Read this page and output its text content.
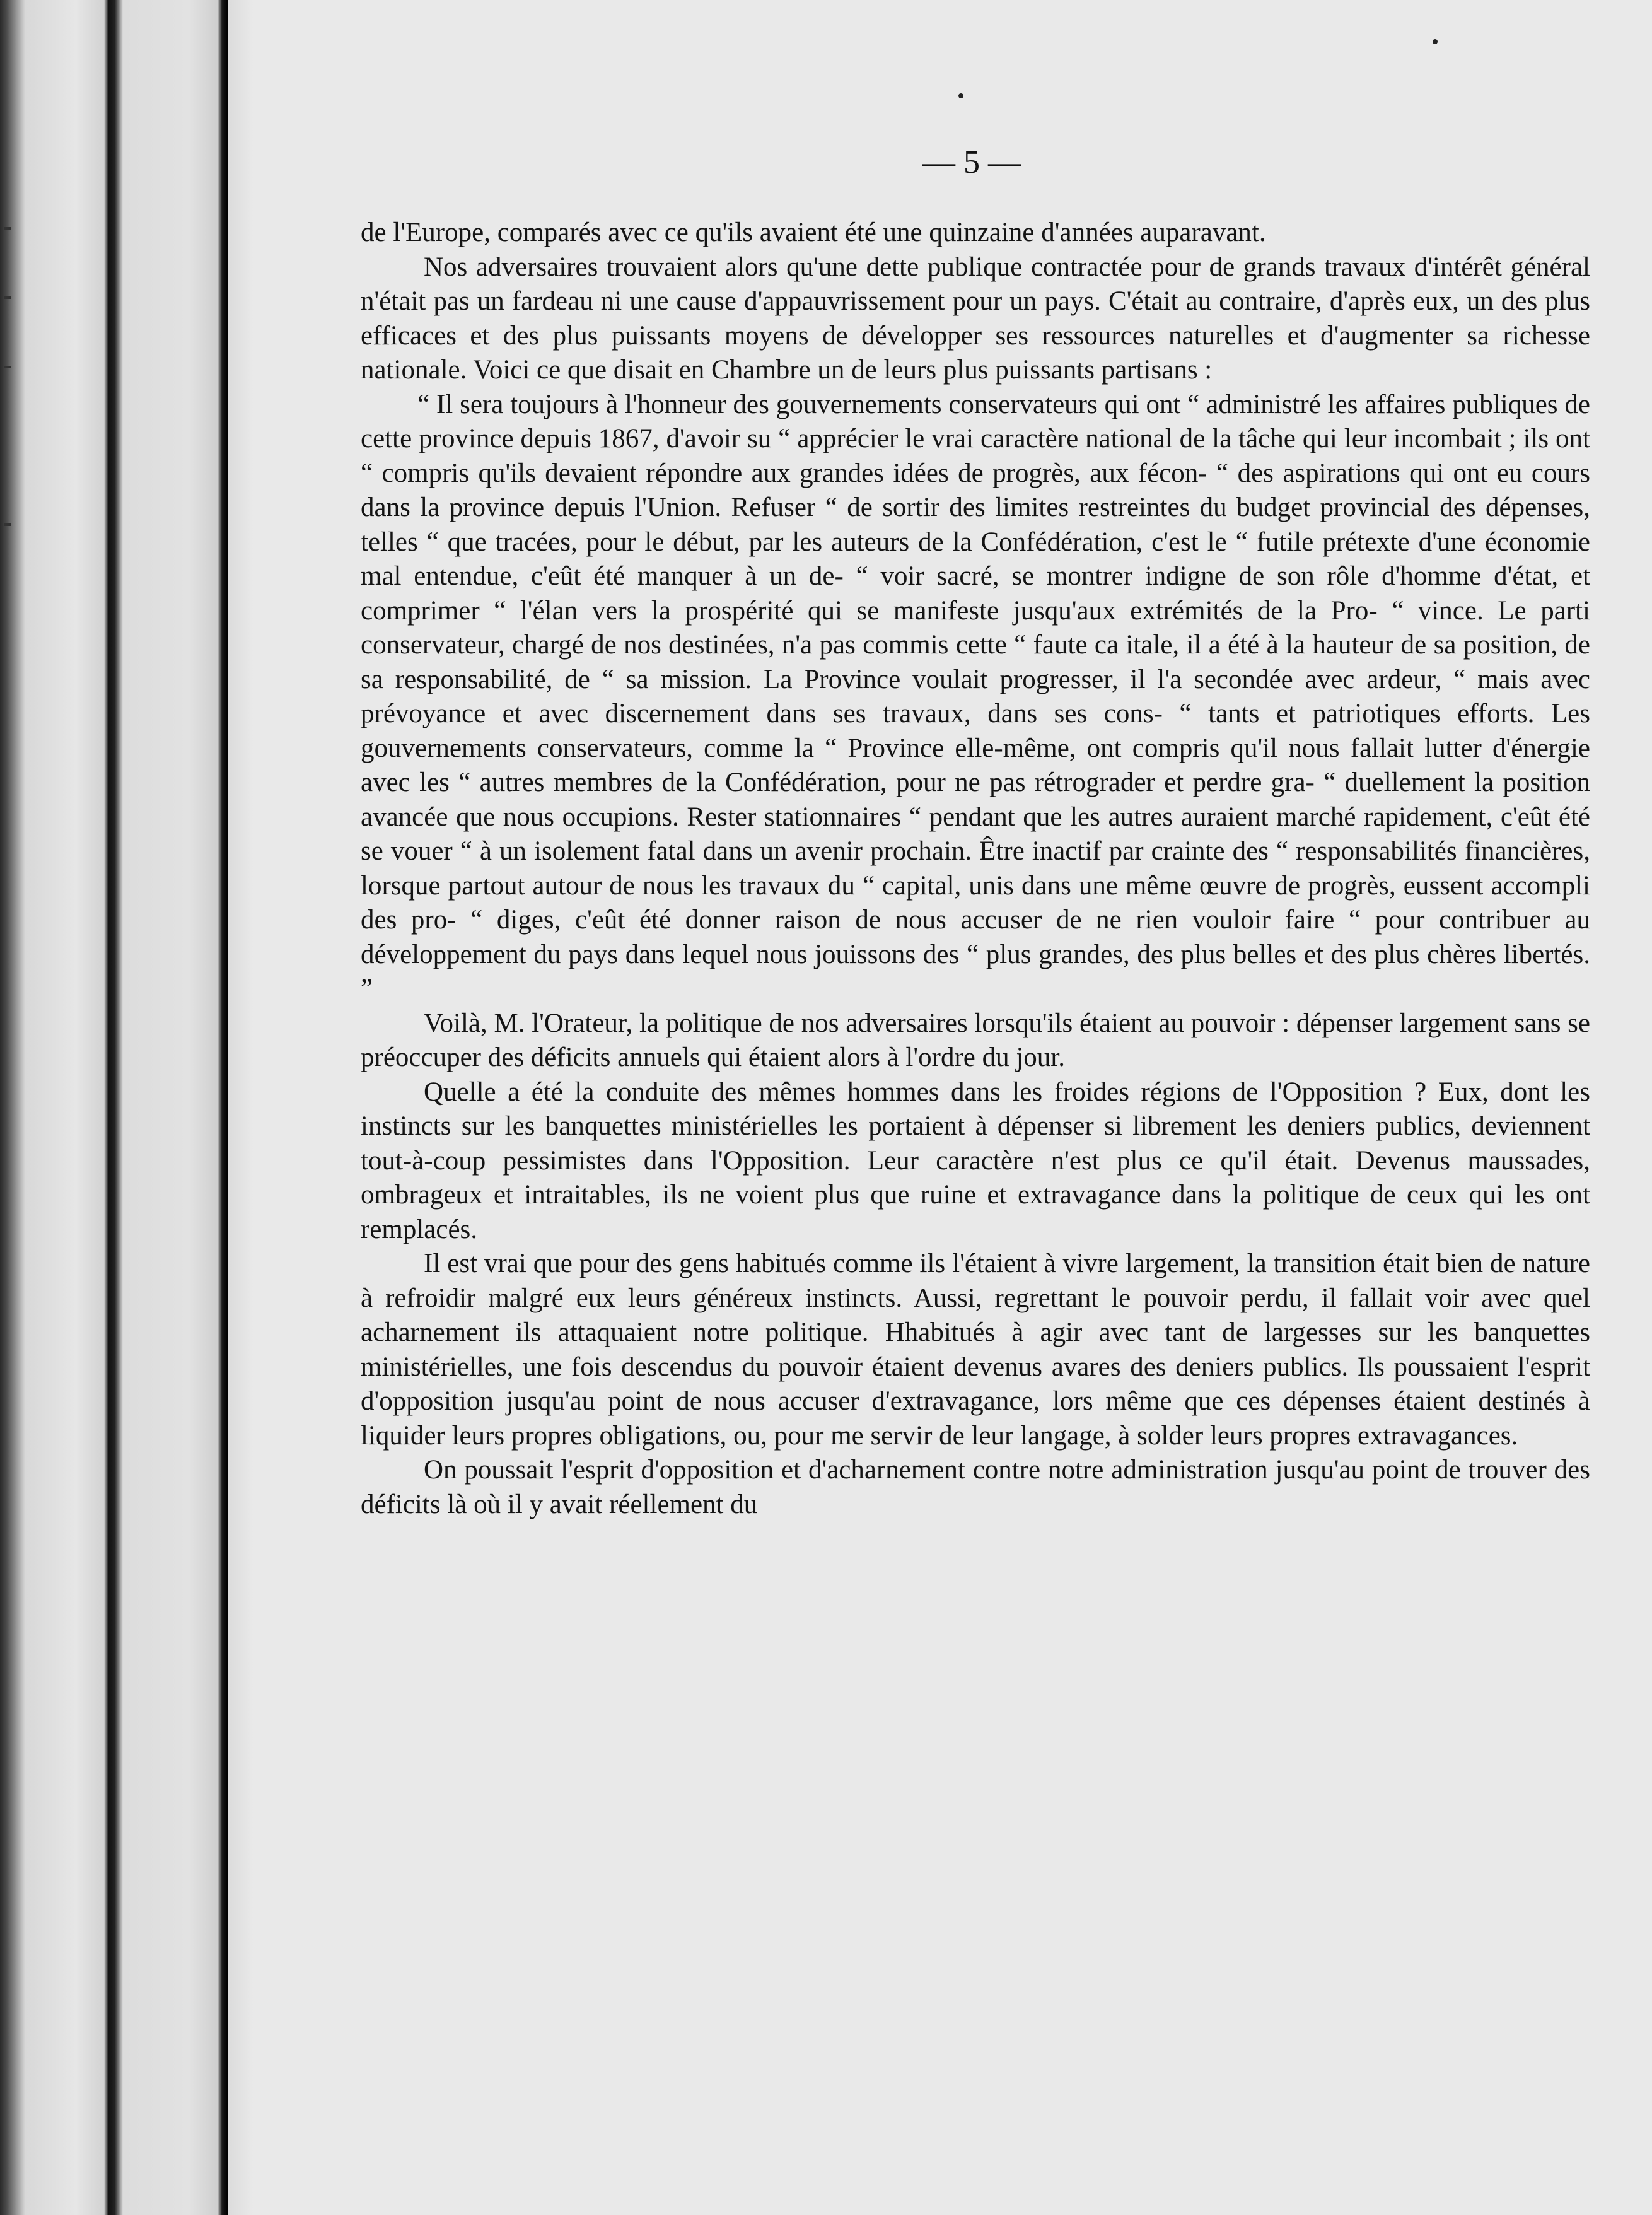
— 5 —

de l'Europe, comparés avec ce qu'ils avaient été une quinzaine d'années auparavant.

Nos adversaires trouvaient alors qu'une dette publique contractée pour de grands travaux d'intérêt général n'était pas un fardeau ni une cause d'appauvrissement pour un pays. C'était au contraire, d'après eux, un des plus efficaces et des plus puissants moyens de développer ses ressources naturelles et d'augmenter sa richesse nationale. Voici ce que disait en Chambre un de leurs plus puissants partisans :

“ Il sera toujours à l'honneur des gouvernements conservateurs qui ont “ administré les affaires publiques de cette province depuis 1867, d'avoir su “ apprécier le vrai caractère national de la tâche qui leur incombait ; ils ont “ compris qu'ils devaient répondre aux grandes idées de progrès, aux fécon- “ des aspirations qui ont eu cours dans la province depuis l'Union. Refuser “ de sortir des limites restreintes du budget provincial des dépenses, telles “ que tracées, pour le début, par les auteurs de la Confédération, c'est le “ futile prétexte d'une économie mal entendue, c'eût été manquer à un de- “ voir sacré, se montrer indigne de son rôle d'homme d'état, et comprimer “ l'élan vers la prospérité qui se manifeste jusqu'aux extrémités de la Pro- “ vince. Le parti conservateur, chargé de nos destinées, n'a pas commis cette “ faute ca itale, il a été à la hauteur de sa position, de sa responsabilité, de “ sa mission. La Province voulait progresser, il l'a secondée avec ardeur, “ mais avec prévoyance et avec discernement dans ses travaux, dans ses cons- “ tants et patriotiques efforts. Les gouvernements conservateurs, comme la “ Province elle-même, ont compris qu'il nous fallait lutter d'énergie avec les “ autres membres de la Confédération, pour ne pas rétrograder et perdre gra- “ duellement la position avancée que nous occupions. Rester stationnaires “ pendant que les autres auraient marché rapidement, c'eût été se vouer “ à un isolement fatal dans un avenir prochain. Être inactif par crainte des “ responsabilités financières, lorsque partout autour de nous les travaux du “ capital, unis dans une même œuvre de progrès, eussent accompli des pro- “ diges, c'eût été donner raison de nous accuser de ne rien vouloir faire “ pour contribuer au développement du pays dans lequel nous jouissons des “ plus grandes, des plus belles et des plus chères libertés. ”

Voilà, M. l'Orateur, la politique de nos adversaires lorsqu'ils étaient au pouvoir : dépenser largement sans se préoccuper des déficits annuels qui étaient alors à l'ordre du jour.

Quelle a été la conduite des mêmes hommes dans les froides régions de l'Opposition ? Eux, dont les instincts sur les banquettes ministérielles les portaient à dépenser si librement les deniers publics, deviennent tout-à-coup pessimistes dans l'Opposition. Leur caractère n'est plus ce qu'il était. Devenus maussades, ombrageux et intraitables, ils ne voient plus que ruine et extravagance dans la politique de ceux qui les ont remplacés.

Il est vrai que pour des gens habitués comme ils l'étaient à vivre largement, la transition était bien de nature à refroidir malgré eux leurs généreux instincts. Aussi, regrettant le pouvoir perdu, il fallait voir avec quel acharnement ils attaquaient notre politique. Hhabitués à agir avec tant de largesses sur les banquettes ministérielles, une fois descendus du pouvoir étaient devenus avares des deniers publics. Ils poussaient l'esprit d'opposition jusqu'au point de nous accuser d'extravagance, lors même que ces dépenses étaient destinés à liquider leurs propres obligations, ou, pour me servir de leur langage, à solder leurs propres extravagances.

On poussait l'esprit d'opposition et d'acharnement contre notre administration jusqu'au point de trouver des déficits là où il y avait réellement du
